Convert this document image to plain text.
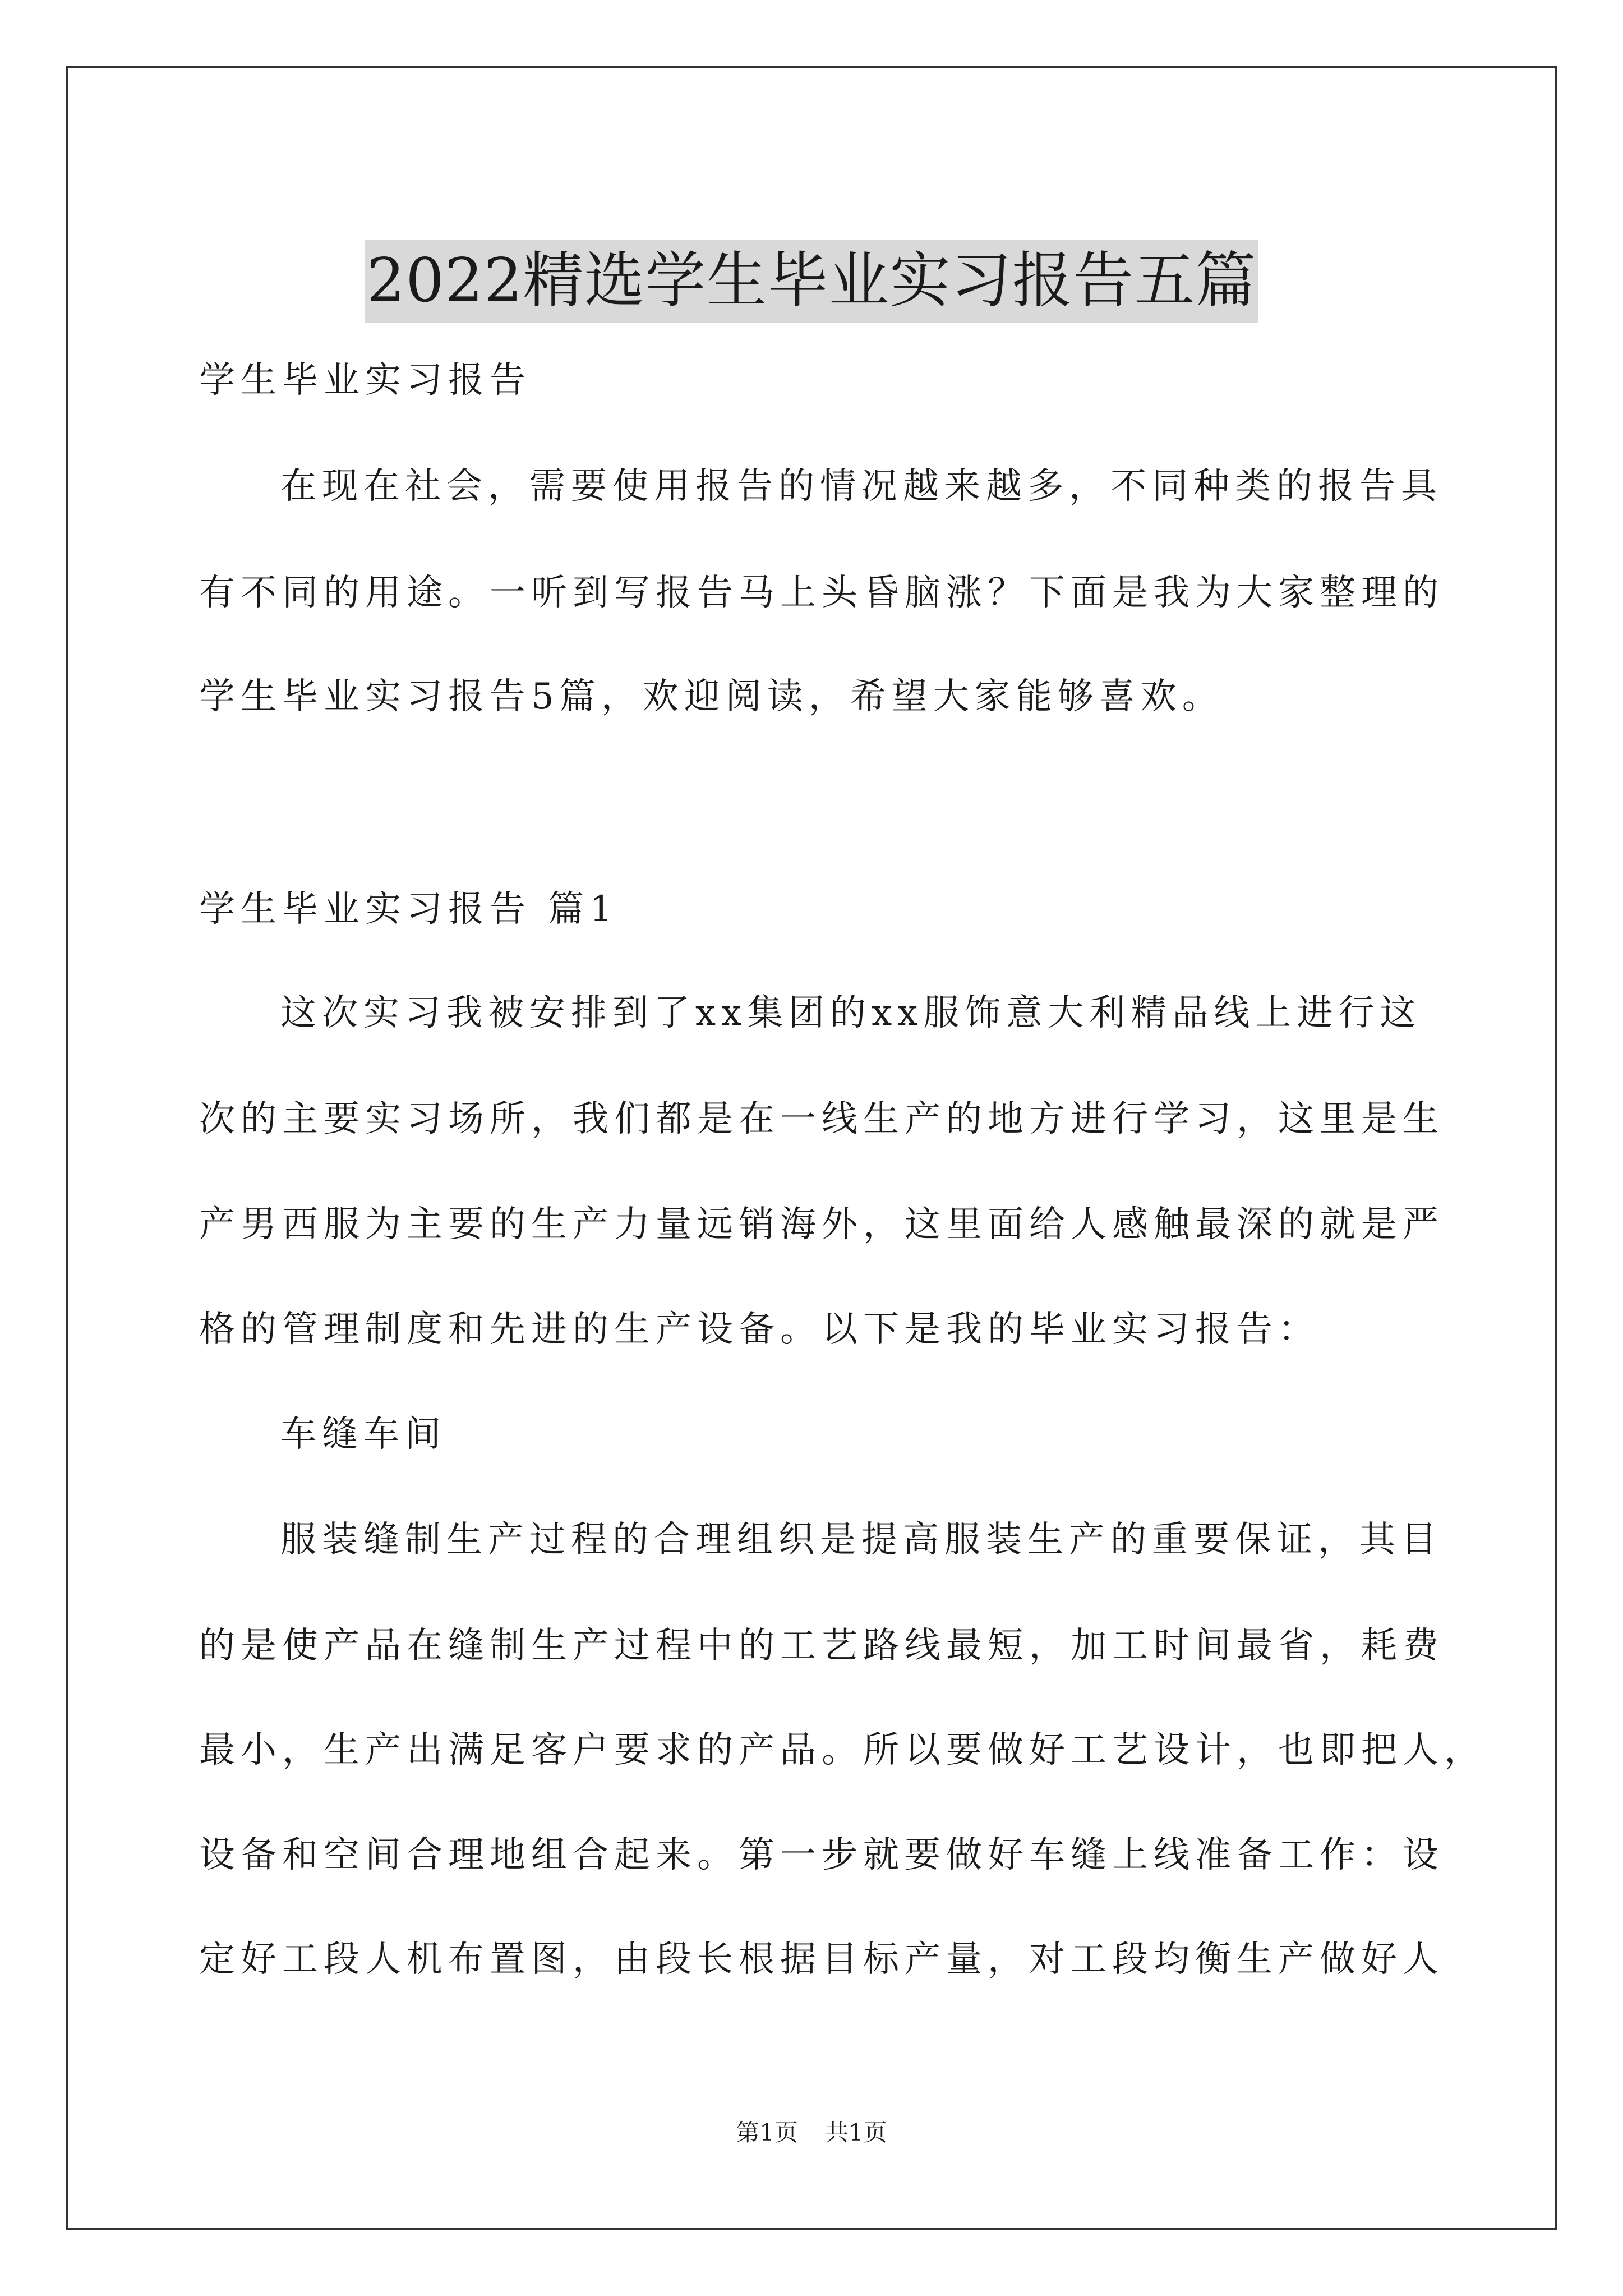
2022精选学生毕业实习报告五篇
学生毕业实习报告
在现在社会，需要使用报告的情况越来越多，不同种类的报告具
有不同的用途。一听到写报告马上头昏脑涨？下面是我为大家整理的
学生毕业实习报告5篇，欢迎阅读，希望大家能够喜欢。
学生毕业实习报告 篇1
这次实习我被安排到了xx集团的xx服饰意大利精品线上进行这
次的主要实习场所，我们都是在一线生产的地方进行学习，这里是生
产男西服为主要的生产力量远销海外，这里面给人感触最深的就是严
格的管理制度和先进的生产设备。以下是我的毕业实习报告：
车缝车间
服装缝制生产过程的合理组织是提高服装生产的重要保证，其目
的是使产品在缝制生产过程中的工艺路线最短，加工时间最省，耗费
最小，生产出满足客户要求的产品。所以要做好工艺设计，也即把人，
设备和空间合理地组合起来。第一步就要做好车缝上线准备工作：设
定好工段人机布置图，由段长根据目标产量，对工段均衡生产做好人
第1页 共1页
